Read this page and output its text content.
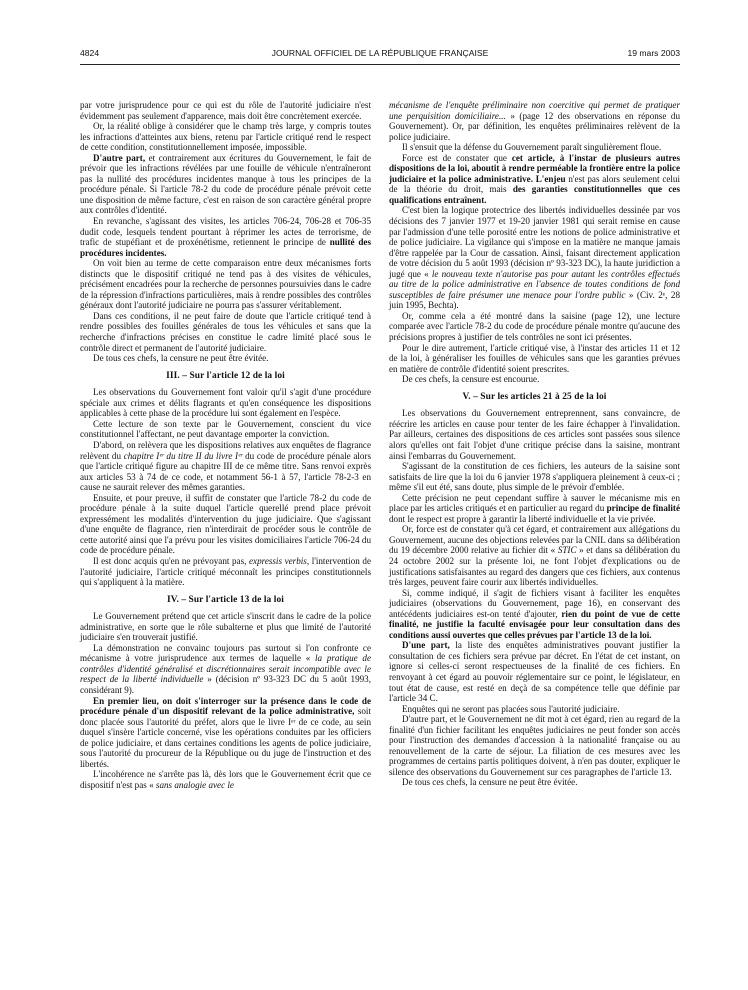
4824	JOURNAL OFFICIEL DE LA RÉPUBLIQUE FRANÇAISE	19 mars 2003

par votre jurisprudence pour ce qui est du rôle de l'autorité judiciaire n'est évidemment pas seulement d'apparence, mais doit être concrètement exercée.

Or, la réalité oblige à considérer que le champ très large, y compris toutes les infractions d'atteintes aux biens, retenu par l'article critiqué rend le respect de cette condition, constitutionnellement imposée, impossible.

D'autre part, et contrairement aux écritures du Gouvernement, le fait de prévoir que les infractions révélées par une fouille de véhicule n'entraîneront pas la nullité des procédures incidentes manque à tous les principes de la procédure pénale. Si l'article 78-2 du code de procédure pénale prévoit cette une disposition de même facture, c'est en raison de son caractère général propre aux contrôles d'identité.

En revanche, s'agissant des visites, les articles 706-24, 706-28 et 706-35 dudit code, lesquels tendent pourtant à réprimer les actes de terrorisme, de trafic de stupéfiant et de proxénétisme, retiennent le principe de nullité des procédures incidentes.

On voit bien au terme de cette comparaison entre deux mécanismes forts distincts que le dispositif critiqué ne tend pas à des visites de véhicules, précisément encadrées pour la recherche de personnes poursuivies dans le cadre de la répression d'infractions particulières, mais à rendre possibles des contrôles généraux dont l'autorité judiciaire ne pourra pas s'assurer véritablement.

Dans ces conditions, il ne peut faire de doute que l'article critiqué tend à rendre possibles des fouilles générales de tous les véhicules et sans que la recherche d'infractions précises en constitue le cadre limité placé sous le contrôle direct et permanent de l'autorité judiciaire.

De tous ces chefs, la censure ne peut être évitée.

III. – Sur l'article 12 de la loi

Les observations du Gouvernement font valoir qu'il s'agit d'une procédure spéciale aux crimes et délits flagrants et qu'en conséquence les dispositions applicables à cette phase de la procédure lui sont également en l'espèce.

Cette lecture de son texte par le Gouvernement, conscient du vice constitutionnel l'affectant, ne peut davantage emporter la conviction.

D'abord, on relèvera que les dispositions relatives aux enquêtes de flagrance relèvent du chapitre Iᵉʳ du titre II du livre Iᵉʳ du code de procédure pénale alors que l'article critiqué figure au chapitre III de ce même titre. Sans renvoi exprès aux articles 53 à 74 de ce code, et notamment 56-1 à 57, l'article 78-2-3 en cause ne saurait relever des mêmes garanties.

Ensuite, et pour preuve, il suffit de constater que l'article 78-2 du code de procédure pénale à la suite duquel l'article querellé prend place prévoit expressément les modalités d'intervention du juge judiciaire. Que s'agissant d'une enquête de flagrance, rien n'interdirait de procéder sous le contrôle de cette autorité ainsi que l'a prévu pour les visites domiciliaires l'article 706-24 du code de procédure pénale.

Il est donc acquis qu'en ne prévoyant pas, expressis verbis, l'intervention de l'autorité judiciaire, l'article critiqué méconnaît les principes constitutionnels qui s'appliquent à la matière.

IV. – Sur l'article 13 de la loi

Le Gouvernement prétend que cet article s'inscrit dans le cadre de la police administrative, en sorte que le rôle subalterne et plus que limité de l'autorité judiciaire s'en trouverait justifié.

La démonstration ne convainc toujours pas surtout si l'on confronte ce mécanisme à votre jurisprudence aux termes de laquelle « la pratique de contrôles d'identité généralisé et discrétionnaires serait incompatible avec le respect de la liberté individuelle » (décision nº 93-323 DC du 5 août 1993, considérant 9).

En premier lieu, on doit s'interroger sur la présence dans le code de procédure pénale d'un dispositif relevant de la police administrative, soit donc placée sous l'autorité du préfet, alors que le livre Iᵉʳ de ce code, au sein duquel s'insère l'article concerné, vise les opérations conduites par les officiers de police judiciaire, et dans certaines conditions les agents de police judiciaire, sous l'autorité du procureur de la République ou du juge de l'instruction et des libertés.

L'incohérence ne s'arrête pas là, dès lors que le Gouvernement écrit que ce dispositif n'est pas « sans analogie avec le

mécanisme de l'enquête préliminaire non coercitive qui permet de pratiquer une perquisition domiciliaire... » (page 12 des observations en réponse du Gouvernement). Or, par définition, les enquêtes préliminaires relèvent de la police judiciaire.

Il s'ensuit que la défense du Gouvernement paraît singulièrement floue.

Force est de constater que cet article, à l'instar de plusieurs autres dispositions de la loi, aboutit à rendre perméable la frontière entre la police judiciaire et la police administrative. L'enjeu n'est pas alors seulement celui de la théorie du droit, mais des garanties constitutionnelles que ces qualifications entraînent.

C'est bien la logique protectrice des libertés individuelles dessinée par vos décisions des 7 janvier 1977 et 19-20 janvier 1981 qui serait remise en cause par l'admission d'une telle porosité entre les notions de police administrative et de police judiciaire. La vigilance qui s'impose en la matière ne manque jamais d'être rappelée par la Cour de cassation. Ainsi, faisant directement application de votre décision du 5 août 1993 (décision nº 93-323 DC), la haute juridiction a jugé que « le nouveau texte n'autorise pas pour autant les contrôles effectués au titre de la police administrative en l'absence de toutes conditions de fond susceptibles de faire présumer une menace pour l'ordre public » (Civ. 2ᵉ, 28 juin 1995, Bechta).

Or, comme cela a été montré dans la saisine (page 12), une lecture comparée avec l'article 78-2 du code de procédure pénale montre qu'aucune des précisions propres à justifier de tels contrôles ne sont ici présentes.

Pour le dire autrement, l'article critiqué vise, à l'instar des articles 11 et 12 de la loi, à généraliser les fouilles de véhicules sans que les garanties prévues en matière de contrôle d'identité soient prescrites.

De ces chefs, la censure est encourue.

V. – Sur les articles 21 à 25 de la loi

Les observations du Gouvernement entreprennent, sans convaincre, de réécrire les articles en cause pour tenter de les faire échapper à l'invalidation. Par ailleurs, certaines des dispositions de ces articles sont passées sous silence alors qu'elles ont fait l'objet d'une critique précise dans la saisine, montrant ainsi l'embarras du Gouvernement.

S'agissant de la constitution de ces fichiers, les auteurs de la saisine sont satisfaits de lire que la loi du 6 janvier 1978 s'appliquera pleinement à ceux-ci ; même s'il eut été, sans doute, plus simple de le prévoir d'emblée.

Cette précision ne peut cependant suffire à sauver le mécanisme mis en place par les articles critiqués et en particulier au regard du principe de finalité dont le respect est propre à garantir la liberté individuelle et la vie privée.

Or, force est de constater qu'à cet égard, et contrairement aux allégations du Gouvernement, aucune des objections relevées par la CNIL dans sa délibération du 19 décembre 2000 relative au fichier dit « STIC » et dans sa délibération du 24 octobre 2002 sur la présente loi, ne font l'objet d'explications ou de justifications satisfaisantes au regard des dangers que ces fichiers, aux contenus très larges, peuvent faire courir aux libertés individuelles.

Si, comme indiqué, il s'agit de fichiers visant à faciliter les enquêtes judiciaires (observations du Gouvernement, page 16), en conservant des antécédents judiciaires est-on tenté d'ajouter, rien du point de vue de cette finalité, ne justifie la faculté envisagée pour leur consultation dans des conditions aussi ouvertes que celles prévues par l'article 13 de la loi.

D'une part, la liste des enquêtes administratives pouvant justifier la consultation de ces fichiers sera prévue par décret. En l'état de cet instant, on ignore si celles-ci seront respectueuses de la finalité de ces fichiers. En renvoyant à cet égard au pouvoir réglementaire sur ce point, le législateur, en tout état de cause, est resté en deçà de sa compétence telle que définie par l'article 34 C.

Enquêtes qui ne seront pas placées sous l'autorité judiciaire.

D'autre part, et le Gouvernement ne dit mot à cet égard, rien au regard de la finalité d'un fichier facilitant les enquêtes judiciaires ne peut fonder son accès pour l'instruction des demandes d'accession à la nationalité française ou au renouvellement de la carte de séjour. La filiation de ces mesures avec les programmes de certains partis politiques doivent, à n'en pas douter, expliquer le silence des observations du Gouvernement sur ces paragraphes de l'article 13.

De tous ces chefs, la censure ne peut être évitée.
